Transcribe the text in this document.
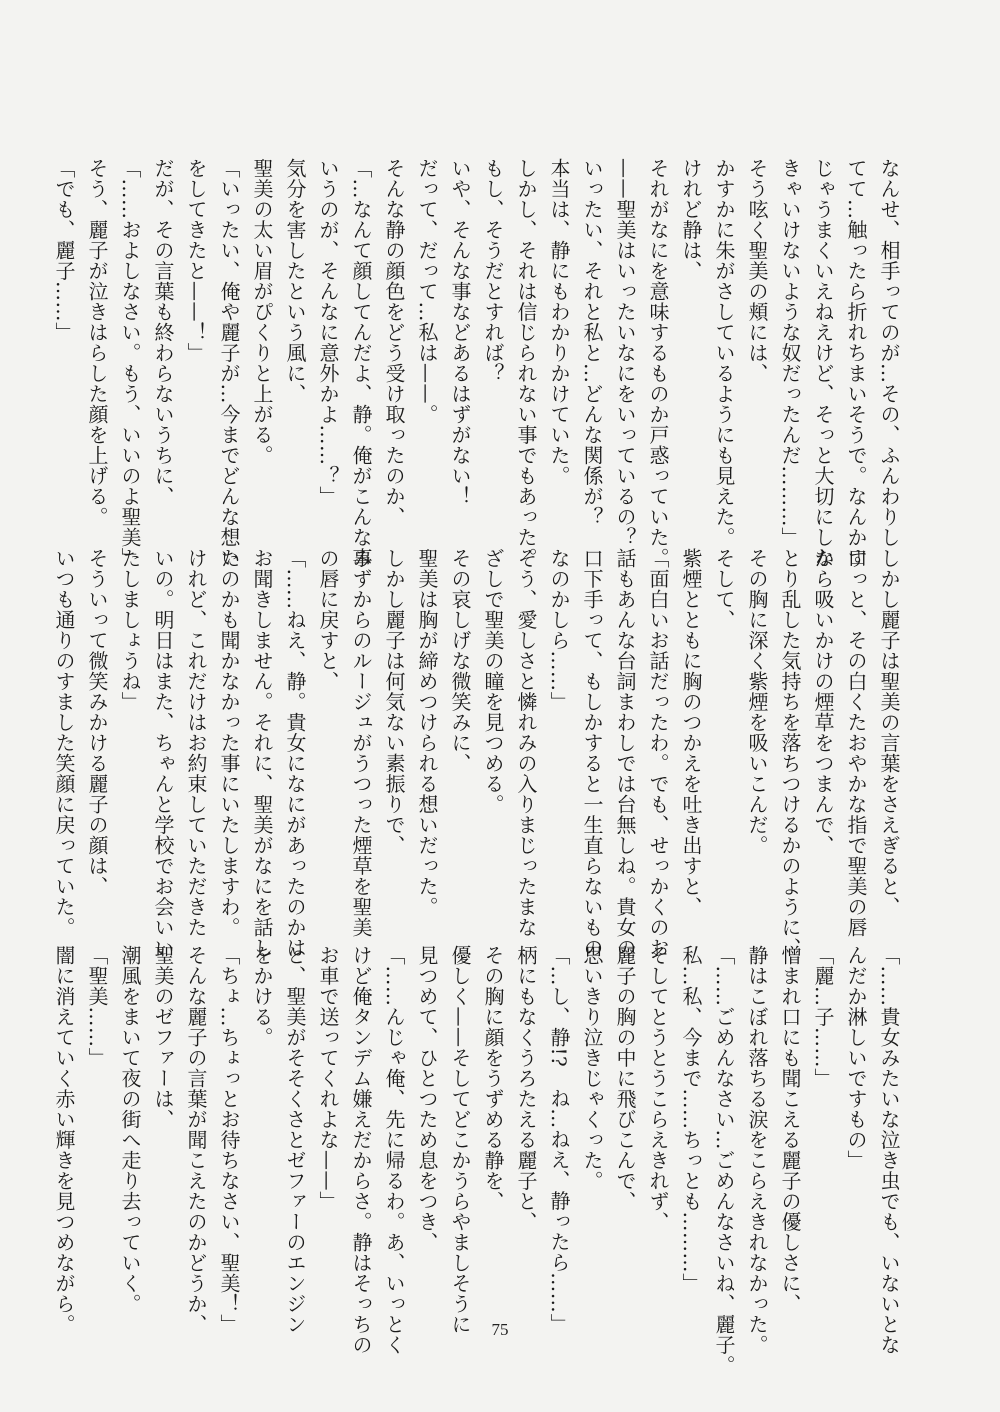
なんせ、相手ってのが…その、ふんわりし
てて…触ったら折れちまいそうで。なんか口
じゃうまくいえねえけど、そっと大切にしな
きゃいけないような奴だったんだ………」
そう呟く聖美の頬には、
かすかに朱がさしているようにも見えた。
けれど静は、
それがなにを意味するものか戸惑っていた。
——聖美はいったいなにをいっているの？
いったい、それと私と…どんな関係が？
本当は、静にもわかりかけていた。
しかし、それは信じられない事でもあった。
もし、そうだとすれば？
いや、そんな事などあるはずがない！
だって、だって…私は——。
そんな静の顔色をどう受け取ったのか、
「…なんて顔してんだよ、静。俺がこんな事
いうのが、そんなに意外かよ……？」
気分を害したという風に、
聖美の太い眉がぴくりと上がる。
「いったい、俺や麗子が…今までどんな想い
をしてきたと——！」
だが、その言葉も終わらないうちに、
「……およしなさい。もう、いいのよ聖美」
そう、麗子が泣きはらした顔を上げる。
「でも、麗子……」
しかし麗子は聖美の言葉をさえぎると、
すっと、その白くたおやかな指で聖美の唇
から吸いかけの煙草をつまんで、
とり乱した気持ちを落ちつけるかのように、
その胸に深く紫煙を吸いこんだ。
そして、
紫煙とともに胸のつかえを吐き出すと、
「面白いお話だったわ。でも、せっかくのお
話もあんな台詞まわしでは台無しね。貴女の
口下手って、もしかすると一生直らないもの
なのかしら……」
そう、愛しさと憐れみの入りまじったまな
ざしで聖美の瞳を見つめる。
その哀しげな微笑みに、
聖美は胸が締めつけられる想いだった。
しかし麗子は何気ない素振りで、
みずからのルージュがうつった煙草を聖美
の唇に戻すと、
「……ねえ、静。貴女になにがあったのかは
お聞きしません。それに、聖美がなにを話し
たのかも聞かなかった事にいたしますわ。
けれど、これだけはお約束していただきた
いの。明日はまた、ちゃんと学校でお会いい
たしましょうね」
そういって微笑みかける麗子の顔は、
いつも通りのすました笑顔に戻っていた。
「……貴女みたいな泣き虫でも、いないとな
んだか淋しいですもの」
「麗…子……」
憎まれ口にも聞こえる麗子の優しさに、
静はこぼれ落ちる涙をこらえきれなかった。
「……ごめんなさい…ごめんなさいね、麗子。
私…私、今まで……ちっとも………」
そしてとうとうこらえきれず、
麗子の胸の中に飛びこんで、
思いきり泣きじゃくった。
「…し、静!?　ね…ねえ、静ったら……」
柄にもなくうろたえる麗子と、
その胸に顔をうずめる静を、
優しく——そしてどこかうらやましそうに
見つめて、ひとつため息をつき、
「……んじゃ俺、先に帰るわ。あ、いっとく
けど俺タンデム嫌えだからさ。静はそっちの
お車で送ってくれよな——」
と、聖美がそそくさとゼファーのエンジン
をかける。
「ちょ…ちょっとお待ちなさい、聖美！」
そんな麗子の言葉が聞こえたのかどうか、
聖美のゼファーは、
潮風をまいて夜の街へ走り去っていく。
「聖美……」
闇に消えていく赤い輝きを見つめながら。	75
